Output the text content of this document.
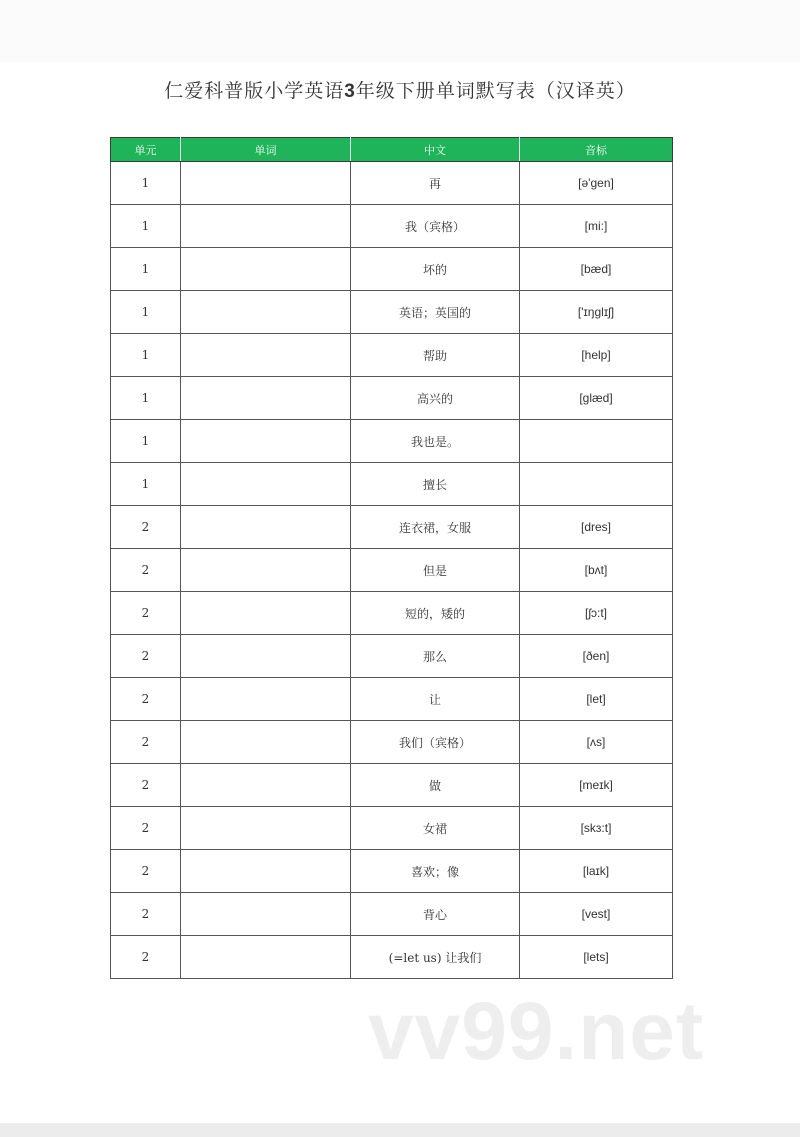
仁爱科普版小学英语3年级下册单词默写表（汉译英）
单元	单词	中文	音标
1		再	[ə'gen]
1		我（宾格）	[mi:]
1		坏的	[bæd]
1		英语；英国的	['ɪŋglɪʃ]
1		帮助	[help]
1		高兴的	[glæd]
1		我也是。	
1		擅长	
2		连衣裙，女服	[dres]
2		但是	[bʌt]
2		短的，矮的	[ʃɔ:t]
2		那么	[ðen]
2		让	[let]
2		我们（宾格）	[ʌs]
2		做	[meɪk]
2		女裙	[skɜ:t]
2		喜欢；像	[laɪk]
2		背心	[vest]
2		(=let us) 让我们	[lets]
vv99.net
